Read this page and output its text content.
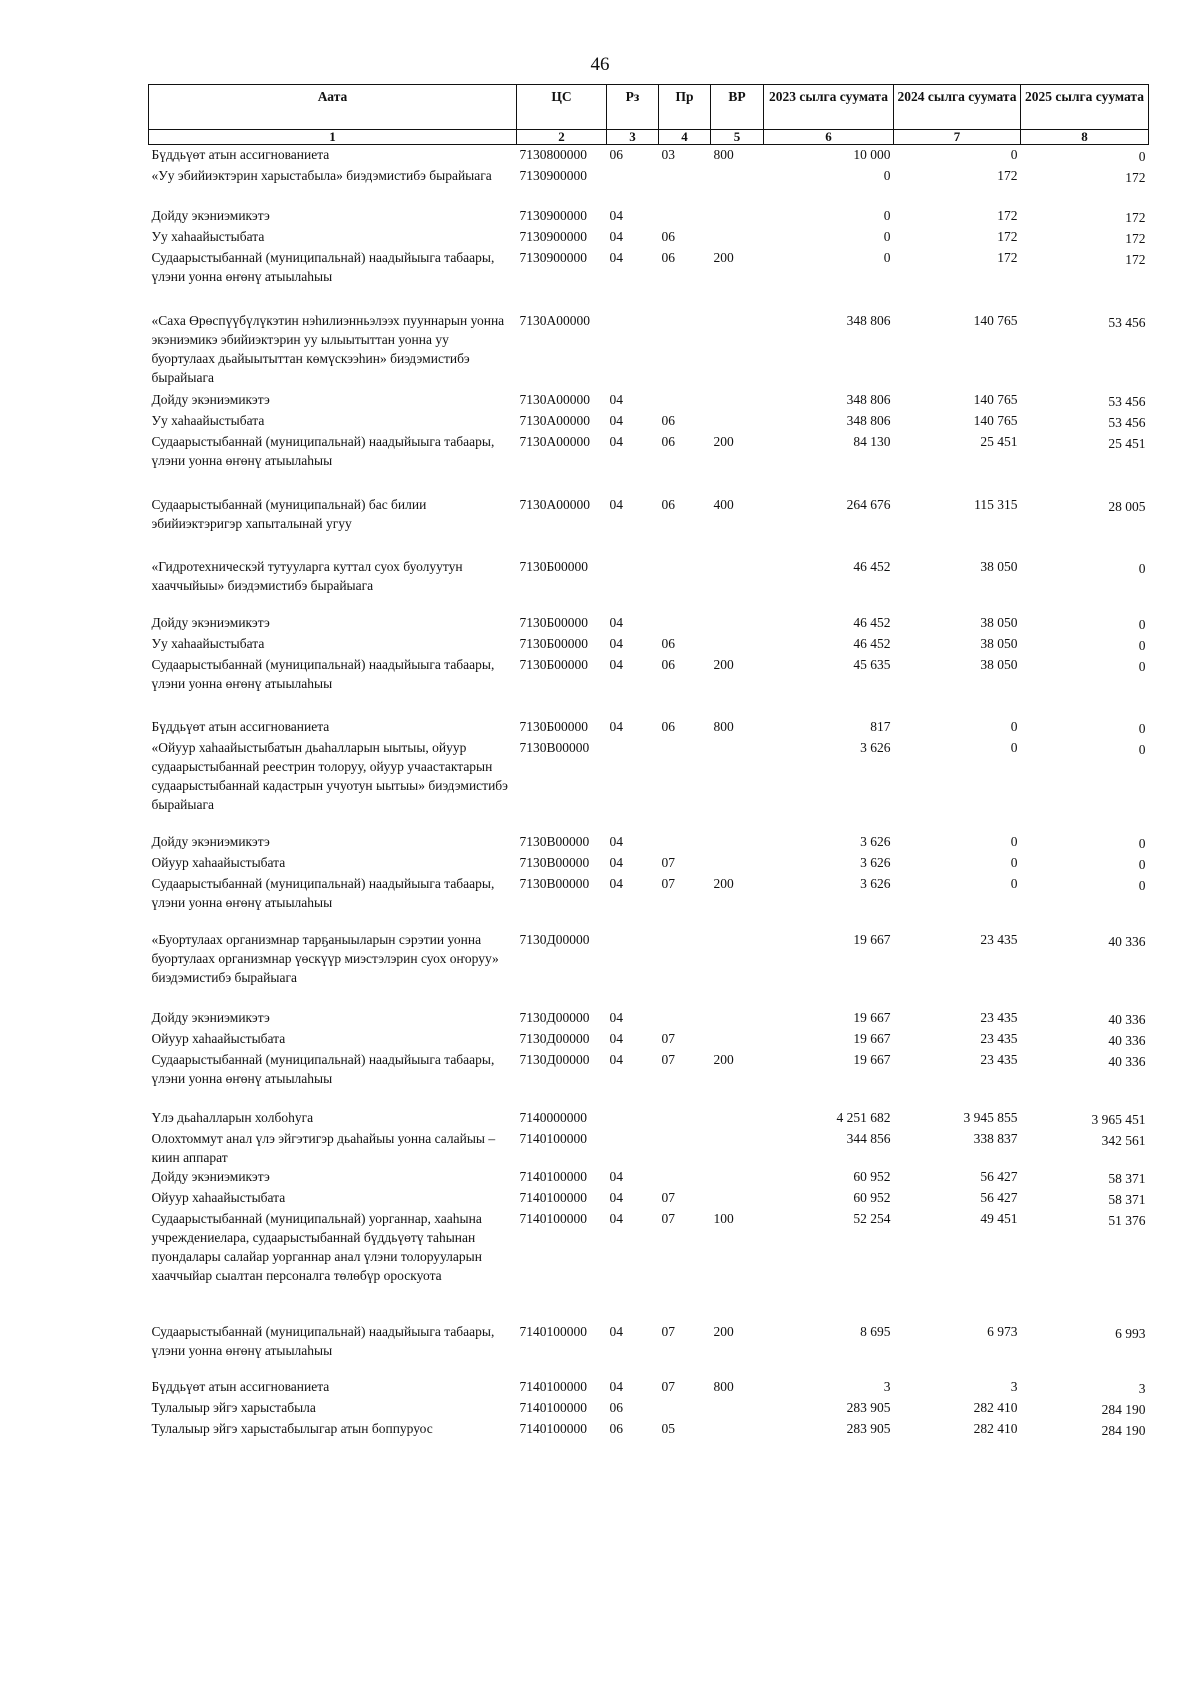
46
Аата	ЦС	Рз	Пр	ВР	2023 сылга суумата	2024 сылга суумата	2025 сылга суумата
1	2	3	4	5	6	7	8
Бүддьүөт атын ассигнованиета	7130800000	06	03	800	10 000	0	0
«Уу эбийиэктэрин харыстабыла» биэдэмистибэ бырайыага	7130900000				0	172	172
Дойду экэниэмикэтэ	7130900000	04			0	172	172
Уу хаһаайыстыбата	7130900000	04	06		0	172	172
Судаарыстыбаннай (муниципальнай) наадыйыыга табаары, үлэни уонна өҥөнү атыылаһыы	7130900000	04	06	200	0	172	172
«Саха Өрөспүүбүлүкэтин нэһилиэнньэлээх пууннарын уонна экэниэмикэ эбийиэктэрин уу ылыытыттан уонна уу буортулаах дьайыытыттан көмүскээһин» биэдэмистибэ бырайыага	7130А00000				348 806	140 765	53 456
Дойду экэниэмикэтэ	7130А00000	04			348 806	140 765	53 456
Уу хаһаайыстыбата	7130А00000	04	06		348 806	140 765	53 456
Судаарыстыбаннай (муниципальнай) наадыйыыга табаары, үлэни уонна өҥөнү атыылаһыы	7130А00000	04	06	200	84 130	25 451	25 451
Судаарыстыбаннай (муниципальнай) бас билии эбийиэктэригэр хапыталынай угуу	7130А00000	04	06	400	264 676	115 315	28 005
«Гидротехническэй тутууларга куттал суох буолуутун хааччыйыы» биэдэмистибэ бырайыага	7130Б00000				46 452	38 050	0
Дойду экэниэмикэтэ	7130Б00000	04			46 452	38 050	0
Уу хаһаайыстыбата	7130Б00000	04	06		46 452	38 050	0
Судаарыстыбаннай (муниципальнай) наадыйыыга табаары, үлэни уонна өҥөнү атыылаһыы	7130Б00000	04	06	200	45 635	38 050	0
Бүддьүөт атын ассигнованиета	7130Б00000	04	06	800	817	0	0
«Ойуур хаһаайыстыбатын дьаһалларын ыытыы, ойуур судаарыстыбаннай реестрин толоруу, ойуур учаастактарын судаарыстыбаннай кадастрын учуотун ыытыы» биэдэмистибэ бырайыага	7130В00000				3 626	0	0
Дойду экэниэмикэтэ	7130В00000	04			3 626	0	0
Ойуур хаһаайыстыбата	7130В00000	04	07		3 626	0	0
Судаарыстыбаннай (муниципальнай) наадыйыыга табаары, үлэни уонна өҥөнү атыылаһыы	7130В00000	04	07	200	3 626	0	0
«Буортулаах организмнар тарҕаныыларын сэрэтии уонна буортулаах организмнар үөскүүр миэстэлэрин суох оҥоруу» биэдэмистибэ бырайыага	7130Д00000				19 667	23 435	40 336
Дойду экэниэмикэтэ	7130Д00000	04			19 667	23 435	40 336
Ойуур хаһаайыстыбата	7130Д00000	04	07		19 667	23 435	40 336
Судаарыстыбаннай (муниципальнай) наадыйыыга табаары, үлэни уонна өҥөнү атыылаһыы	7130Д00000	04	07	200	19 667	23 435	40 336
Үлэ дьаһалларын холбоһуга	7140000000				4 251 682	3 945 855	3 965 451
Олохтоммут анал үлэ эйгэтигэр дьаһайыы уонна салайыы – киин аппарат	7140100000				344 856	338 837	342 561
Дойду экэниэмикэтэ	7140100000	04			60 952	56 427	58 371
Ойуур хаһаайыстыбата	7140100000	04	07		60 952	56 427	58 371
Судаарыстыбаннай (муниципальнай) уорганнар, хааһына учреждениелара, судаарыстыбаннай бүддьүөтү таһынан пуондалары салайар уорганнар анал үлэни толорууларын хааччыйар сыалтан персоналга төлөбүр ороскуота	7140100000	04	07	100	52 254	49 451	51 376
Судаарыстыбаннай (муниципальнай) наадыйыыга табаары, үлэни уонна өҥөнү атыылаһыы	7140100000	04	07	200	8 695	6 973	6 993
Бүддьүөт атын ассигнованиета	7140100000	04	07	800	3	3	3
Тулалыыр эйгэ харыстабыла	7140100000	06			283 905	282 410	284 190
Тулалыыр эйгэ харыстабылыгар атын боппуруос	7140100000	06	05		283 905	282 410	284 190
